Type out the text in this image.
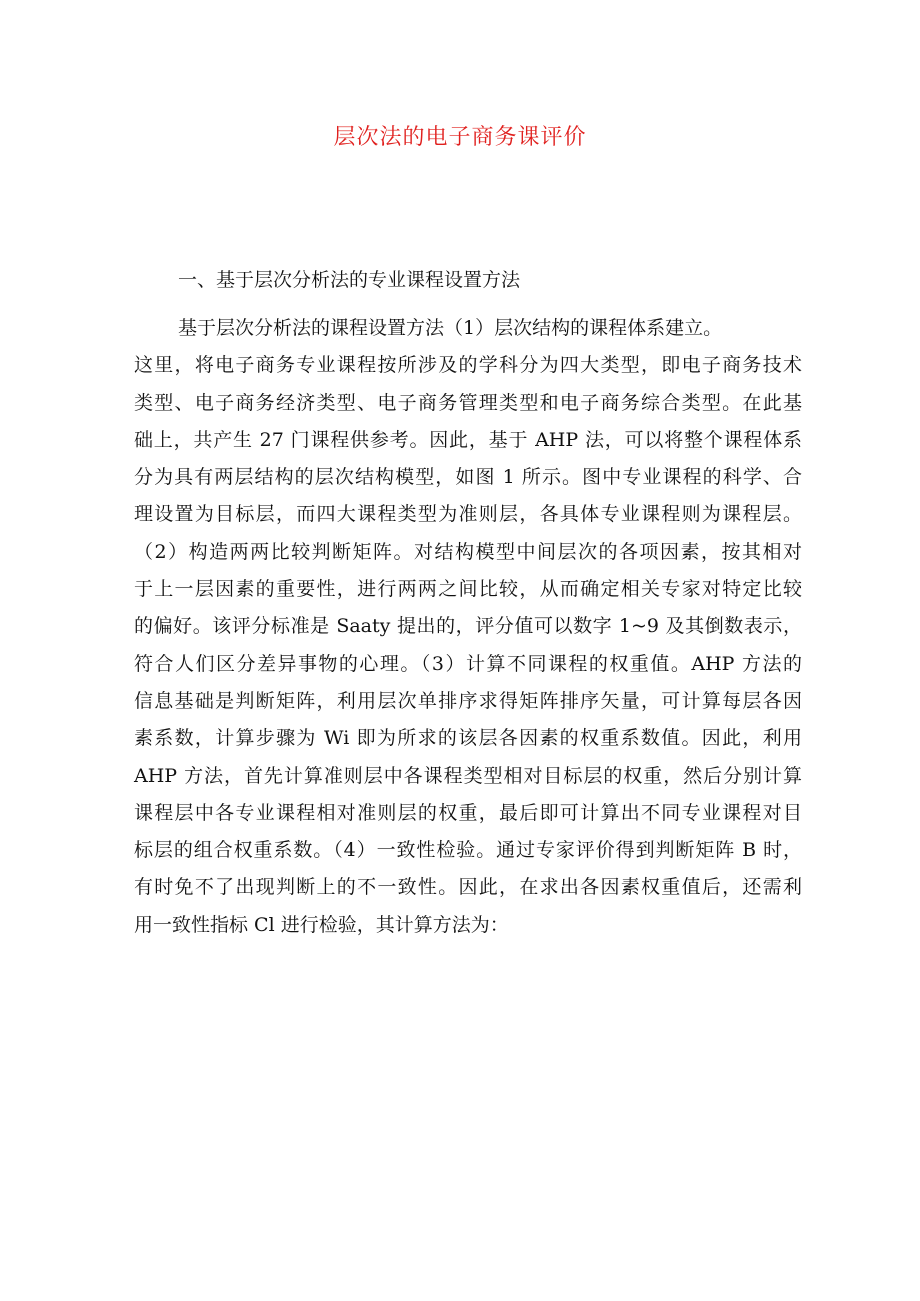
层次法的电子商务课评价
一、基于层次分析法的专业课程设置方法
基于层次分析法的课程设置方法（1）层次结构的课程体系建立。
这里，将电子商务专业课程按所涉及的学科分为四大类型，即电子商务技术
类型、电子商务经济类型、电子商务管理类型和电子商务综合类型。在此基
础上，共产生 27 门课程供参考。因此，基于 AHP 法，可以将整个课程体系
分为具有两层结构的层次结构模型，如图 1 所示。图中专业课程的科学、合
理设置为目标层，而四大课程类型为准则层，各具体专业课程则为课程层。
（2）构造两两比较判断矩阵。对结构模型中间层次的各项因素，按其相对
于上一层因素的重要性，进行两两之间比较，从而确定相关专家对特定比较
的偏好。该评分标准是 Saaty 提出的，评分值可以数字 1~9 及其倒数表示，
符合人们区分差异事物的心理。（3）计算不同课程的权重值。AHP 方法的
信息基础是判断矩阵，利用层次单排序求得矩阵排序矢量，可计算每层各因
素系数，计算步骤为 Wi 即为所求的该层各因素的权重系数值。因此，利用
AHP 方法，首先计算准则层中各课程类型相对目标层的权重，然后分别计算
课程层中各专业课程相对准则层的权重，最后即可计算出不同专业课程对目
标层的组合权重系数。（4）一致性检验。通过专家评价得到判断矩阵 B 时，
有时免不了出现判断上的不一致性。因此，在求出各因素权重值后，还需利
用一致性指标 Cl 进行检验，其计算方法为：
